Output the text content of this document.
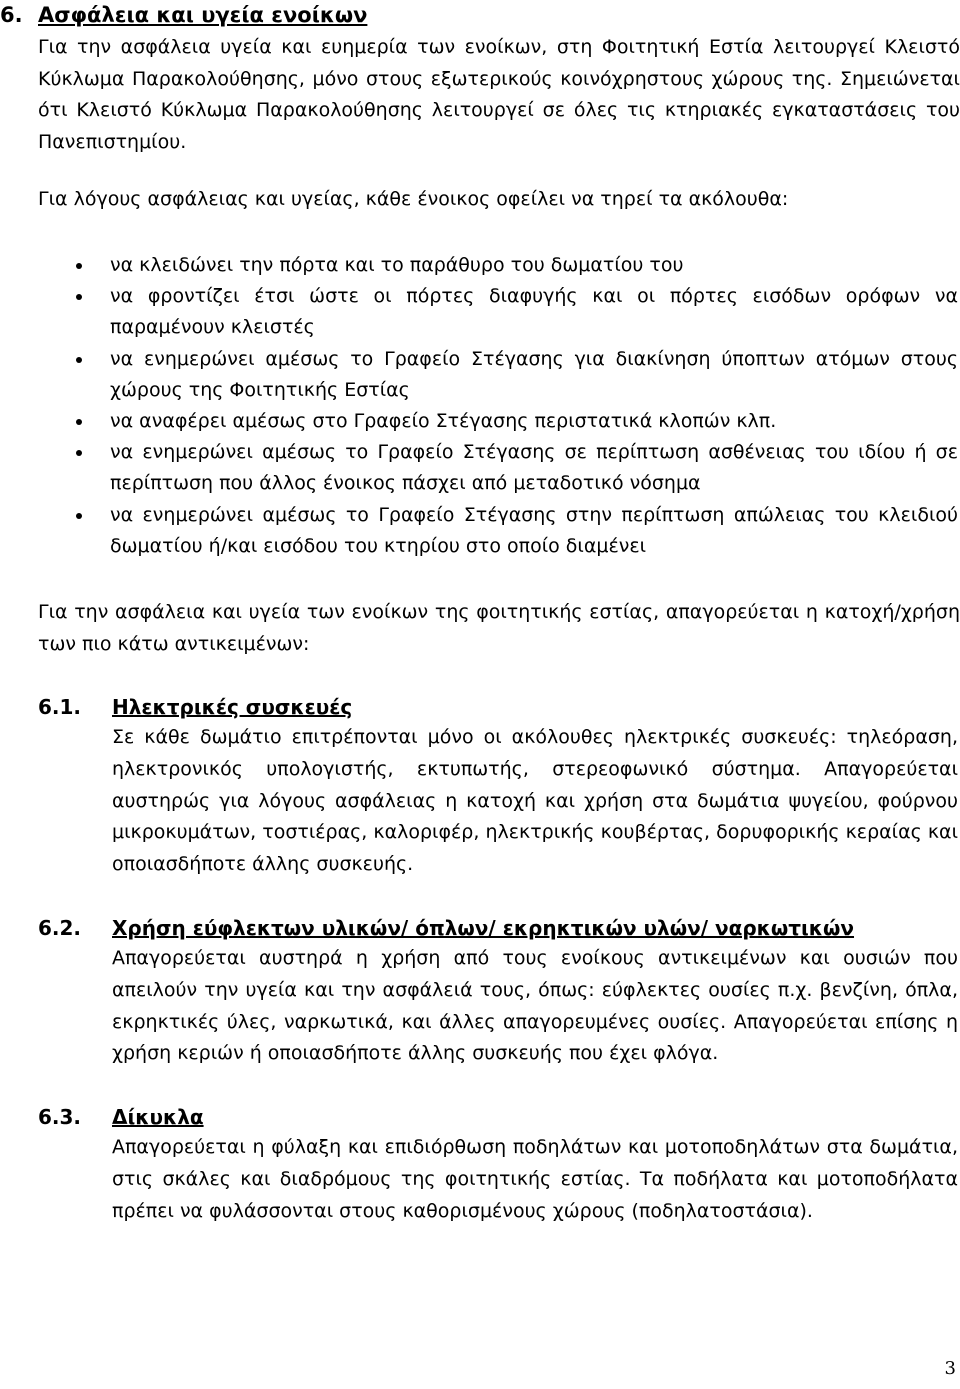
6. Ασφάλεια και υγεία ενοίκων
Για την ασφάλεια υγεία και ευημερία των ενοίκων, στη Φοιτητική Εστία λειτουργεί Κλειστό Κύκλωμα Παρακολούθησης, μόνο στους εξωτερικούς κοινόχρηστους χώρους της. Σημειώνεται ότι Κλειστό Κύκλωμα Παρακολούθησης λειτουργεί σε όλες τις κτηριακές εγκαταστάσεις του Πανεπιστημίου.
Για λόγους ασφάλειας και υγείας, κάθε ένοικος οφείλει να τηρεί τα ακόλουθα:
να κλειδώνει την πόρτα και το παράθυρο του δωματίου του
να φροντίζει έτσι ώστε οι πόρτες διαφυγής και οι πόρτες εισόδων ορόφων να παραμένουν κλειστές
να ενημερώνει αμέσως το Γραφείο Στέγασης για διακίνηση ύποπτων ατόμων στους χώρους της Φοιτητικής Εστίας
να αναφέρει αμέσως στο Γραφείο Στέγασης περιστατικά κλοπών κλπ.
να ενημερώνει αμέσως το Γραφείο Στέγασης σε περίπτωση ασθένειας του ιδίου ή σε περίπτωση που άλλος ένοικος πάσχει από μεταδοτικό νόσημα
να ενημερώνει αμέσως το Γραφείο Στέγασης στην περίπτωση απώλειας του κλειδιού δωματίου ή/και εισόδου του κτηρίου στο οποίο διαμένει
Για την ασφάλεια και υγεία των ενοίκων της φοιτητικής εστίας, απαγορεύεται η κατοχή/χρήση των πιο κάτω αντικειμένων:
6.1. Ηλεκτρικές συσκευές
Σε κάθε δωμάτιο επιτρέπονται μόνο οι ακόλουθες ηλεκτρικές συσκευές: τηλεόραση, ηλεκτρονικός υπολογιστής, εκτυπωτής, στερεοφωνικό σύστημα. Απαγορεύεται αυστηρώς για λόγους ασφάλειας η κατοχή και χρήση στα δωμάτια ψυγείου, φούρνου μικροκυμάτων, τοστιέρας, καλοριφέρ, ηλεκτρικής κουβέρτας, δορυφορικής κεραίας και οποιασδήποτε άλλης συσκευής.
6.2. Χρήση εύφλεκτων υλικών/ όπλων/ εκρηκτικών υλών/ ναρκωτικών
Απαγορεύεται αυστηρά η χρήση από τους ενοίκους αντικειμένων και ουσιών που απειλούν την υγεία και την ασφάλειά τους, όπως: εύφλεκτες ουσίες π.χ. βενζίνη, όπλα, εκρηκτικές ύλες, ναρκωτικά, και άλλες απαγορευμένες ουσίες. Απαγορεύεται επίσης η χρήση κεριών ή οποιασδήποτε άλλης συσκευής που έχει φλόγα.
6.3. Δίκυκλα
Απαγορεύεται η φύλαξη και επιδιόρθωση ποδηλάτων και μοτοποδηλάτων στα δωμάτια, στις σκάλες και διαδρόμους της φοιτητικής εστίας. Τα ποδήλατα και μοτοποδήλατα πρέπει να φυλάσσονται στους καθορισμένους χώρους (ποδηλατοστάσια).
3
